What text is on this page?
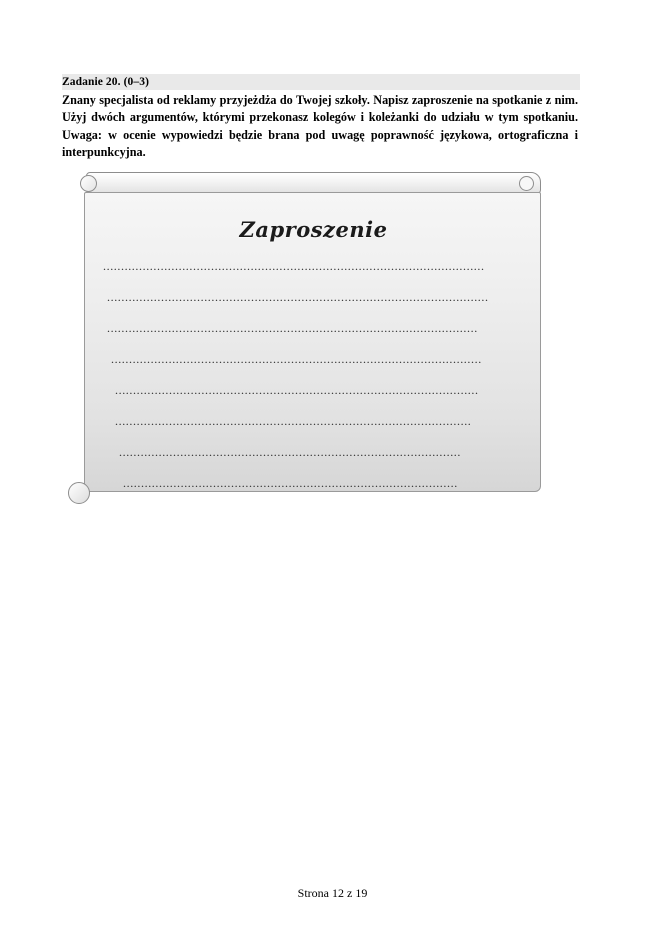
Zadanie 20. (0–3)
Znany specjalista od reklamy przyjeżdża do Twojej szkoły. Napisz zaproszenie na spotkanie z nim. Użyj dwóch argumentów, którymi przekonasz kolegów i koleżanki do udziału w tym spotkaniu. Uwaga: w ocenie wypowiedzi będzie brana pod uwagę poprawność językowa, ortograficzna i interpunkcyjna.
Zaproszenie
..........................................................................................................
..........................................................................................................
.......................................................................................................
.......................................................................................................
.....................................................................................................
...................................................................................................
...............................................................................................
.............................................................................................
Strona 12 z 19
